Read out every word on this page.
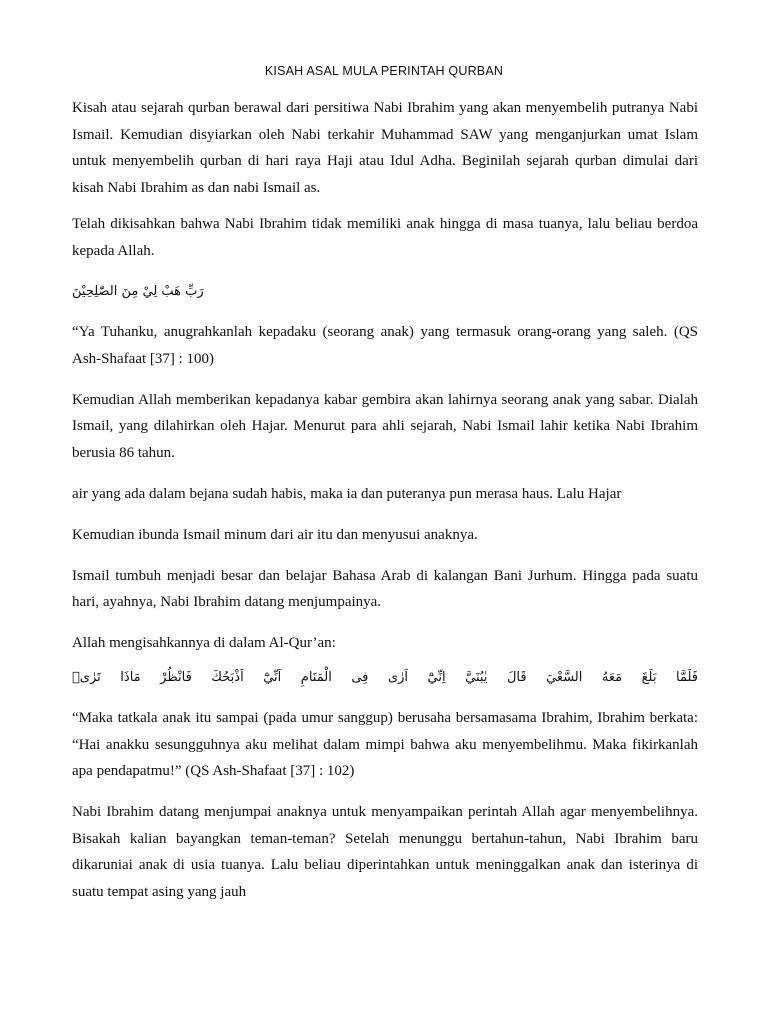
KISAH ASAL MULA PERINTAH QURBAN

Kisah atau sejarah qurban berawal dari persitiwa Nabi Ibrahim yang akan menyembelih putranya Nabi Ismail. Kemudian disyiarkan oleh Nabi terkahir Muhammad SAW yang menganjurkan umat Islam untuk menyembelih qurban di hari raya Haji atau Idul Adha. Beginilah sejarah qurban dimulai dari kisah Nabi Ibrahim as dan nabi Ismail as.

Telah dikisahkan bahwa Nabi Ibrahim tidak memiliki anak hingga di masa tuanya, lalu beliau berdoa kepada Allah.

رَبِّ هَبْ لِيْ مِنَ الصّٰلِحِيْنَ

“Ya Tuhanku, anugrahkanlah kepadaku (seorang anak) yang termasuk orang-orang yang saleh. (QS Ash-Shafaat [37] : 100)

Kemudian Allah memberikan kepadanya kabar gembira akan lahirnya seorang anak yang sabar. Dialah Ismail, yang dilahirkan oleh Hajar. Menurut para ahli sejarah, Nabi Ismail lahir ketika Nabi Ibrahim berusia 86 tahun.

air yang ada dalam bejana sudah habis, maka ia dan puteranya pun merasa haus. Lalu Hajar

Kemudian ibunda Ismail minum dari air itu dan menyusui anaknya.

Ismail tumbuh menjadi besar dan belajar Bahasa Arab di kalangan Bani Jurhum. Hingga pada suatu hari, ayahnya, Nabi Ibrahim datang menjumpainya.

Allah mengisahkannya di dalam Al-Qur’an:

فَلَمَّا بَلَغَ مَعَهُ السَّعْيَ قَالَ يٰبُنَيَّ اِنِّيْٓ اَرٰى فِى الْمَنَامِ اَنِّيْٓ اَذْبَحُكَ فَانْظُرْ مَاذَا تَرٰىۗ

“Maka tatkala anak itu sampai (pada umur sanggup) berusaha bersamasama Ibrahim, Ibrahim berkata: “Hai anakku sesungguhnya aku melihat dalam mimpi bahwa aku menyembelihmu. Maka fikirkanlah apa pendapatmu!” (QS Ash-Shafaat [37] : 102)

Nabi Ibrahim datang menjumpai anaknya untuk menyampaikan perintah Allah agar menyembelihnya. Bisakah kalian bayangkan teman-teman? Setelah menunggu bertahun-tahun, Nabi Ibrahim baru dikaruniai anak di usia tuanya. Lalu beliau diperintahkan untuk meninggalkan anak dan isterinya di suatu tempat asing yang jauh
